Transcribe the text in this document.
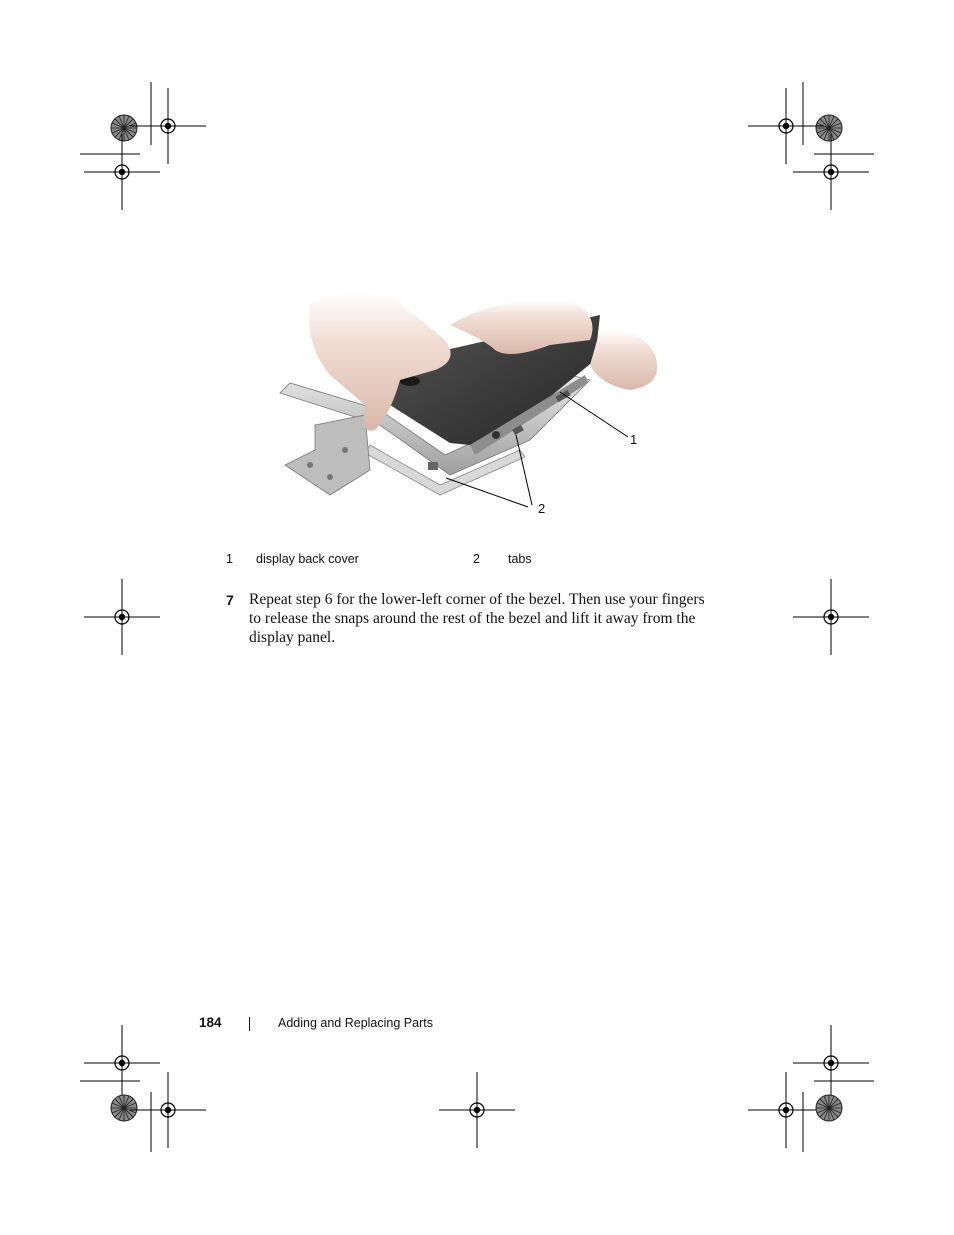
1
2
1 display back cover	2 tabs
7 Repeat step 6 for the lower-left corner of the bezel. Then use your fingers to release the snaps around the rest of the bezel and lift it away from the display panel.

184	Adding and Replacing Parts
